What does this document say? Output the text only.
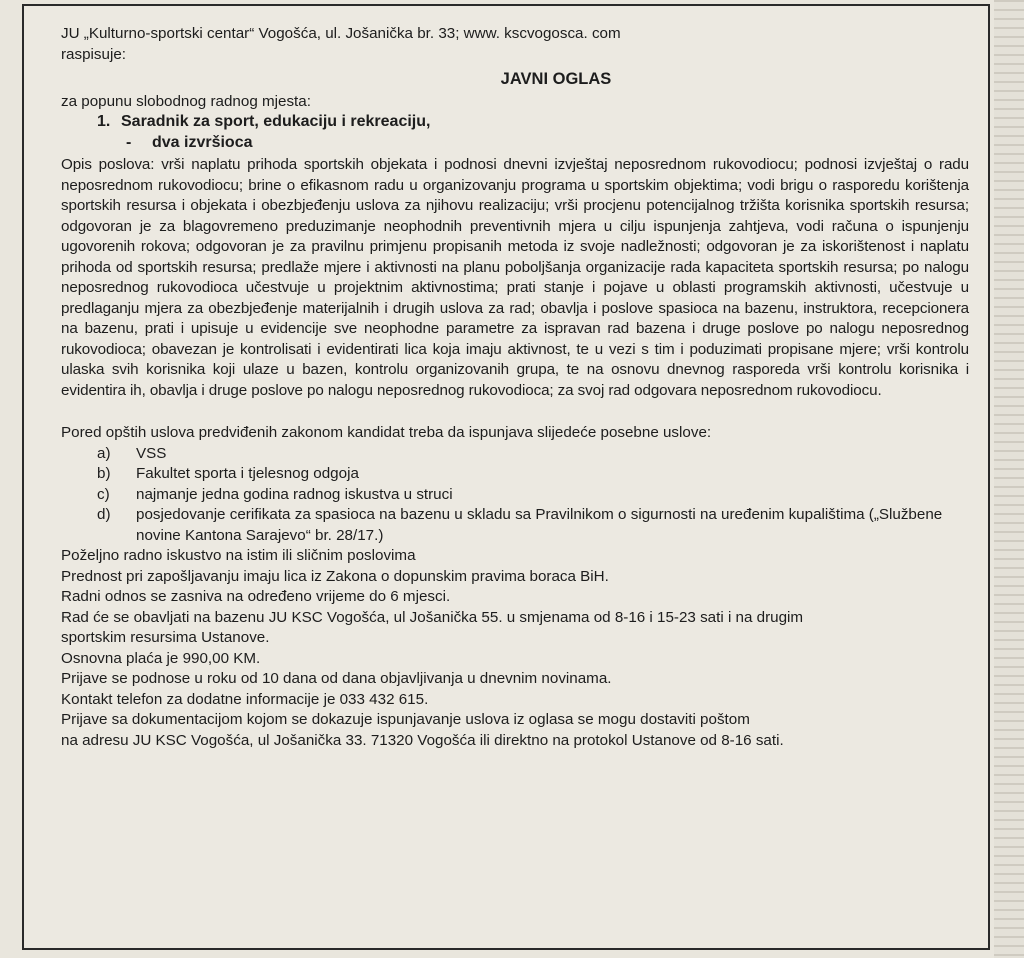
JU „Kulturno-sportski centar“ Vogošća, ul. Jošanička br. 33; www. kscvogosca. com
raspisuje:
JAVNI OGLAS
za popunu slobodnog radnog mjesta:
1. Saradnik za sport, edukaciju i rekreaciju,
-	dva izvršioca
Opis poslova: vrši naplatu prihoda sportskih objekata i podnosi dnevni izvještaj neposrednom rukovodiocu; podnosi izvještaj o radu neposrednom rukovodiocu; brine o efikasnom radu u organizovanju programa u sportskim objektima; vodi brigu o rasporedu korištenja sportskih resursa i objekata i obezbjeđenju uslova za njihovu realizaciju; vrši procjenu potencijalnog tržišta korisnika sportskih resursa; odgovoran je za blagovremeno preduzimanje neophodnih preventivnih mjera u cilju ispunjenja zahtjeva, vodi računa o ispunjenju ugovorenih rokova; odgovoran je za pravilnu primjenu propisanih metoda iz svoje nadležnosti; odgovoran je za iskorištenost i naplatu prihoda od sportskih resursa; predlaže mjere i aktivnosti na planu poboljšanja organizacije rada kapaciteta sportskih resursa; po nalogu neposrednog rukovodioca učestvuje u projektnim aktivnostima; prati stanje i pojave u oblasti programskih aktivnosti, učestvuje u predlaganju mjera za obezbjeđenje materijalnih i drugih uslova za rad; obavlja i poslove spasioca na bazenu, instruktora, recepcionera na bazenu, prati i upisuje u evidencije sve neophodne parametre za ispravan rad bazena i druge poslove po nalogu neposrednog rukovodioca; obavezan je kontrolisati i evidentirati lica koja imaju aktivnost, te u vezi s tim i poduzimati propisane mjere; vrši kontrolu ulaska svih korisnika koji ulaze u bazen, kontrolu organizovanih grupa, te na osnovu dnevnog rasporeda vrši kontrolu korisnika i evidentira ih, obavlja i druge poslove po nalogu neposrednog rukovodioca; za svoj rad odgovara neposrednom rukovodiocu.
Pored opštih uslova predviđenih zakonom kandidat treba da ispunjava slijedeće posebne uslove:
a)	VSS
b)	Fakultet sporta i tjelesnog odgoja
c)	najmanje jedna godina radnog iskustva u struci
d)	posjedovanje cerifikata za spasioca na bazenu u skladu sa Pravilnikom o sigurnosti na uređenim kupalištima („Službene novine Kantona Sarajevo“ br. 28/17.)
Poželjno radno iskustvo na istim ili sličnim poslovima
Prednost pri zapošljavanju imaju lica iz Zakona o dopunskim pravima boraca BiH.
Radni odnos se zasniva na određeno vrijeme do 6 mjesci.
Rad će se obavljati na bazenu JU KSC Vogošća, ul Jošanička 55. u smjenama od 8-16 i 15-23 sati i na drugim
sportskim resursima Ustanove.
Osnovna plaća je 990,00 KM.
Prijave se podnose u roku od 10 dana od dana objavljivanja u dnevnim novinama.
Kontakt telefon za dodatne informacije je 033 432 615.
Prijave sa dokumentacijom kojom se dokazuje ispunjavanje uslova iz oglasa se mogu dostaviti poštom
na adresu JU KSC Vogošća, ul Jošanička 33. 71320 Vogošća ili direktno na protokol Ustanove od 8-16 sati.
